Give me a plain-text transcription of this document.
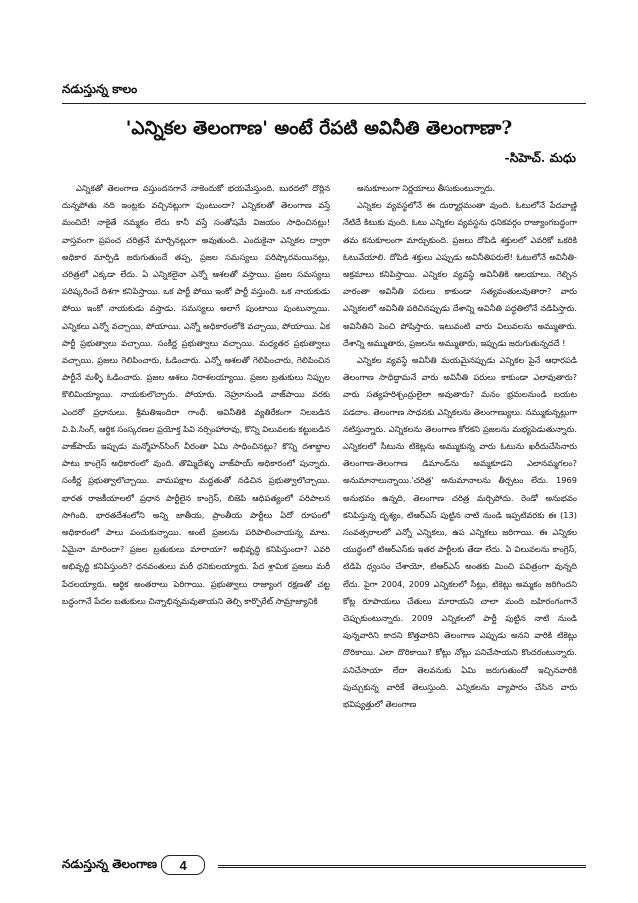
నడుస్తున్న కాలం
'ఎన్నికల తెలంగాణ' అంటే రేపటి అవినీతి తెలంగాణా?
-సిహెచ్. మధు

ఎన్నికతో తెలంగాణ వస్తుందనగానే నాకెందుకో భయమేస్తుంది. బురదలో దొర్లిన దున్నపోతు నది ఇంట్లకు వచ్చినట్లుగా పుంటుందా? ఎన్నికలతో తెలంగాణ వస్తే మంచిదే! నాకైతే నమ్మకం లేదు కానీ వస్తే సంతోషమే విజయం సాధించినట్లు! వాస్తవంగా ప్రపంచ చరిత్రనే మార్చినట్లుగా అవుతుంది. ఎందుకైనా ఎన్నికల ద్వారా అధికార మార్పిడి జరుగుతుందే తప్ప, ప్రజల సమస్యలు పరిష్కారమయినట్లు, చరిత్రలో ఎక్కడా లేదు. ఏ ఎన్నికలైనా ఎన్నో ఆశలతో వస్తాయి. ప్రజల సమస్యలు పరిష్కరించే దిశగా కనిపిస్తాయి. ఒక పార్టీ పోయి ఇంకో పార్టీ వస్తుంది. ఒక నాయకుడు పోయి ఇంకో నాయకుడు వస్తాడు. సమస్యలు అలాగే పుంటాయి పుంటున్నాయి. ఎన్నికలు ఎన్నో వచ్చాయి, పోయాయి. ఎన్నో అధికారంలోకి వచ్చాయి, పోయాయి. ఏక పార్టీ ప్రభుత్వాలు వచ్చాయి. సంకీర్ణ ప్రభుత్వాలు వచ్చాయి. మధ్యతర ప్రభుత్వాలు వచ్చాయి. ప్రజలు గెలిపించారు, ఓడించారు. ఎన్నో ఆశలతో గెలిపించారు, గెలిపించిన పార్టీనే మళ్ళీ ఓడించారు. ప్రజల ఆశలు నిరాశలయ్యాయి. ప్రజల బ్రతుకులు నిప్పుల కొలిమియ్యాయి. నాయకులొచ్చారు. పోయారు. నెహ్రూనుండి వాజ్‌పాయి వరకు ఎందరో ప్రధానులు. శ్రీమతిఇందిరా గాంధీ. అవినీతికి వ్యతిరేకంగా నిలబడిన వి.పి.సింగ్, ఆర్థిక సంస్కరణల ప్రయోక్త పివి నర్సింహారావు, కొన్ని విలువలకు కట్టుబడిన వాజ్‌పాయ్ ఇప్పుడు మన్మోహన్‌సింగ్ వీరంతా ఏమి సాధించినట్లు? కొన్ని దశాబ్దాల పాటు కాంగ్రెస్ అధికారంలో వుంది. తొమ్మిదేళ్ళు వాజ్‌పాయ్ అధికారంలో పున్నారు. సంకీర్ణ ప్రభుత్వాలొచ్చాయి. వామపక్షాల మద్దతుతో నడిచిన ప్రభుత్వాలొచ్చాయి. భారత రాజకీయాలలో ప్రధాన పార్టీలైన కాంగ్రెస్, బిజెపి ఆధిపత్యంలో పరిపాలన సాగింది. భారతదేశంలోని అన్ని జాతీయ, ప్రాంతీయ పార్టీలు ఏదో రూపంలో అధికారంలో పాలు పంచుకున్నాయి. అంటే ప్రజలను పరిపాలించాయన్న మాట. ఏమైనా మారిందా? ప్రజల బ్రతుకులు మారాయా? అభివృద్ధి కనిపిస్తుందా? ఎవరి అభివృద్ధి కనిపిస్తుంది? ధనవంతులు మరీ ధనికులయ్యారు. పేద శ్రామిక ప్రజలు మరీ పేదలయ్యారు. ఆర్థిక అంతరాలు పెరిగాయి. ప్రభుత్వాలు రాజ్యాంగ రక్షణతో చట్ట బద్ధంగానే పేదల బతుకులు చిన్నాభిన్నమవుతాయని తెల్సి కార్పొరేట్ సామ్రాజ్యానికి

అనుకూలంగా నిర్ణయాలు తీసుకుంటున్నారు.

ఎన్నికల వ్యవస్థలోనే ఈ దుర్మార్గమంతా వుంది. ఓటులోనే పేదవాణ్ణి నేటిదే కిటుకు వుంది. ఓటు ఎన్నికల వ్యవస్థను ధనికవర్గం రాజ్యాంగబద్ధంగా తమ కనుకూలంగా మార్చుకుంది. ప్రజలు దోపిడి శక్తులలో ఎవరికో ఒకరికి ఓటువేయాలి. దోపిడి శక్తులు ఎప్పుడు అవినీతిపరులే! ఓటులోనే అవినీతి-అక్రమాలు కనిపిస్తాయి. ఎన్నికల వ్యవస్థే అవినీతికి ఆలయాలు. గెల్చిన వారంతా అవినీతి పరులు కాకుండా సత్యవంతులవుతారా? వారు ఎన్నికలలో అవినీతి పరిచినప్పుడు దేశాన్ని అవినీతి పద్ధతిలోనే నడిపిస్తారు. అవినీతిని పెంచి పోషిస్తారు. ఇటువంటి వారు విలువలను అమ్ముతారు. దేశాన్ని అమ్ముతారు, ప్రజలను అమ్ముతారు, ఇప్పుడు జరుగుతున్నదదే !

ఎన్నికల వ్యవస్థే అవినీతి మయమైనప్పుడు ఎన్నికల పైనే ఆధారపడి తెలంగాణ సాధిద్దామనే వారు అవినీతి పరులు కాకుండా ఎలావుతారు? వారు సత్యహరిశ్చంద్రులైలా అవుతారు? మనం భ్రమలనుండి బయట పడదాం. తెలంగాణ సాధనకు ఎన్నికలను తెలంగాణ్యులు. నమ్ముకున్నట్లుగా నటిస్తున్నారు. ఎన్నికలను తెలంగాణ కోరకని ప్రజలను మభ్యపెడుతున్నారు. ఎన్నికలలో సీటును టికెట్లను అమ్ముకున్న వారు ఓటును ఖరీదుచేసినారు తెలంగాణ-తెలంగాణ డిమాండ్‌ను అమ్మకూడని ఎలానమ్మగలం? అనుమానాలున్నాయి.'చరిత్ర' అనుమానాలను తీర్చటం లేదు. 1969 అనుభవం ఉన్నది, తెలంగాణ చరిత్ర మర్చిపోదు. రెండో అనుభవం కనిపిస్తున్న దృశ్యం, టిఆర్ఎస్ పుట్టిన నాటి నుండి ఇప్పటివరకు ఈ (13) సంవత్సరాలలో ఎన్నో ఎన్నికలు, ఉప ఎన్నికలు జరిగాయి. ఈ ఎన్నికల యుద్ధంలో టిఆర్ఎస్‌కు ఇతర పార్టీలకు తేడా లేదు. ఏ విలువలను కాంగ్రెస్, టిడిపి ధ్వంసం చేశాయో, టిఆర్ఎస్ అంతకు మించి పవిత్రంగా వున్నది లేదు. పైగా 2004, 2009 ఎన్నికలలో సీట్లు, టికెట్లు అమ్మకం జరిగిందని కోట్ల రూపాయలు చేతులు మారాయని చాలా మంది బహిరంగంగానే చెప్పుకుంటున్నారు. 2009 ఎన్నికలలో పార్టీ పుట్టిన నాటి నుండి పున్నవారిని కాదని కొత్తవారిని తెలంగాణ ఎప్పుడు అనని వారికి టికెట్లు దొరికాయి. ఎలా దొరికాయి? కోట్లు నోట్లు పనిచేసాయని కొందరంటున్నారు. పనిచేసాయా లేదా తెలవనుకు ఏమి జరుగుతుందో ఇచ్చినవారికి పుచ్చుకున్న వారికే తెలుస్తుంది. ఎన్నికలను వ్యాపారం చేసిన వారు భవిష్యత్తులో తెలంగాణ

నడుస్తున్న తెలంగాణ	4
